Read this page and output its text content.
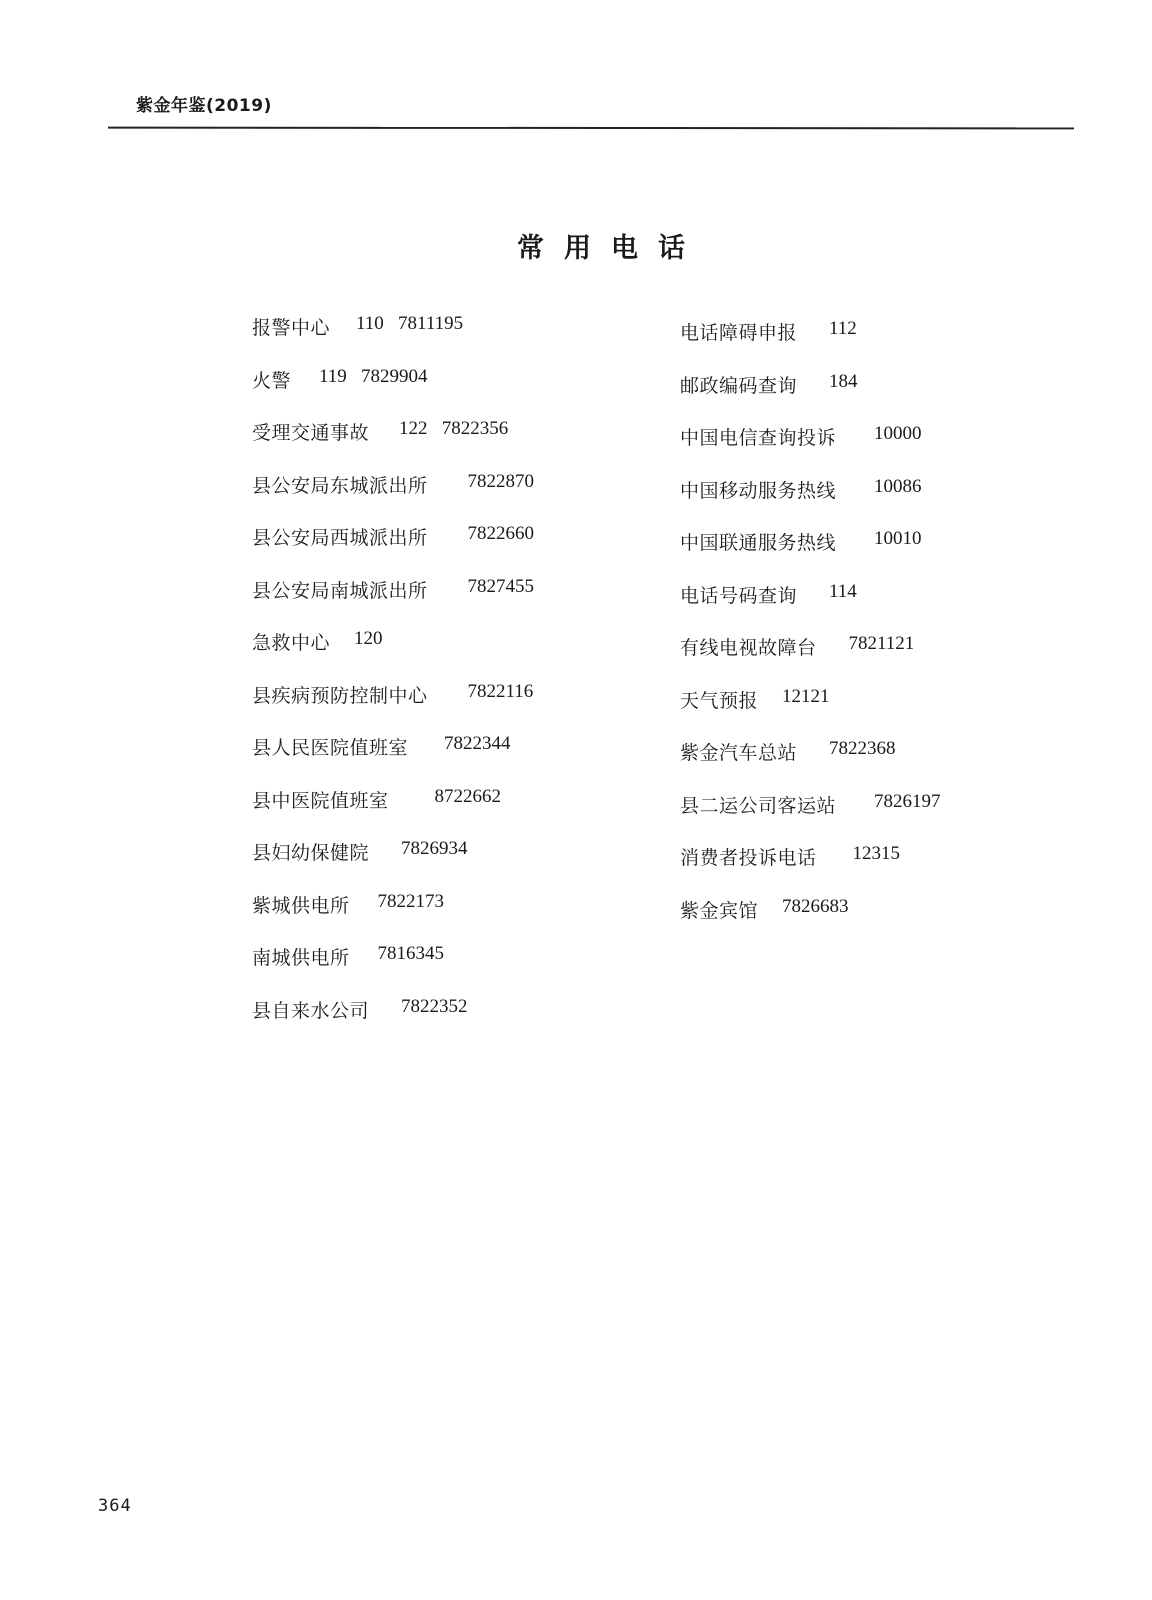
紫金年鉴(2019)
常用电话
报警中心 110   7811195
火警 119   7829904
受理交通事故 122   7822356
县公安局东城派出所 7822870
县公安局西城派出所 7822660
县公安局南城派出所 7827455
急救中心 120
县疾病预防控制中心 7822116
县人民医院值班室 7822344
县中医院值班室 8722662
县妇幼保健院 7826934
紫城供电所 7822173
南城供电所 7816345
县自来水公司 7822352
电话障碍申报 112
邮政编码查询 184
中国电信查询投诉 10000
中国移动服务热线 10086
中国联通服务热线 10010
电话号码查询 114
有线电视故障台 7821121
天气预报 12121
紫金汽车总站 7822368
县二运公司客运站 7826197
消费者投诉电话 12315
紫金宾馆 7826683
364
